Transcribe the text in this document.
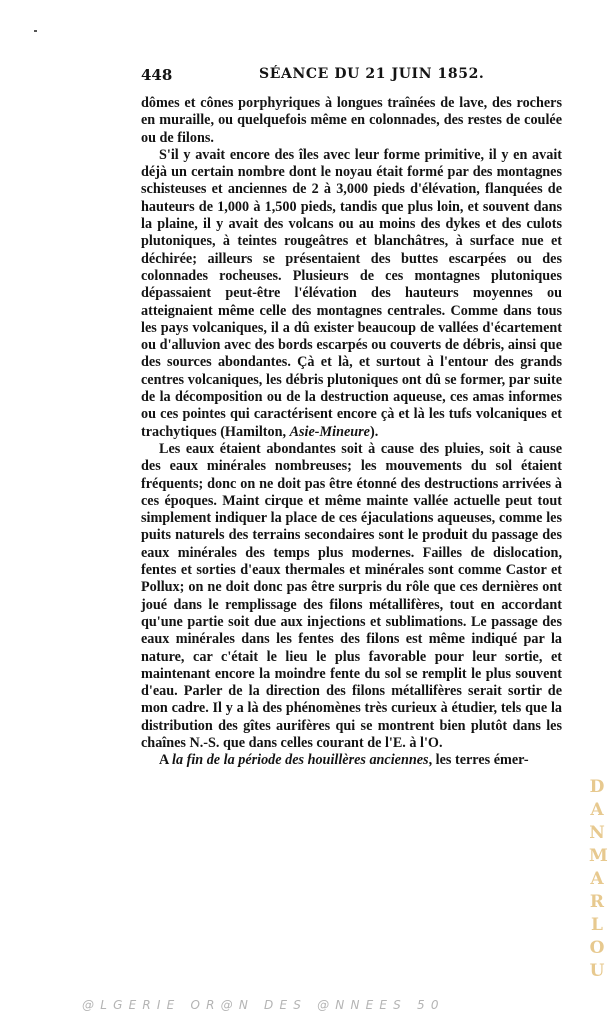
448	SÉANCE DU 21 JUIN 1852.

dômes et cônes porphyriques à longues traînées de lave, des rochers en muraille, ou quelquefois même en colonnades, des restes de coulée ou de filons.

S'il y avait encore des îles avec leur forme primitive, il y en avait déjà un certain nombre dont le noyau était formé par des montagnes schisteuses et anciennes de 2 à 3,000 pieds d'élévation, flanquées de hauteurs de 1,000 à 1,500 pieds, tandis que plus loin, et souvent dans la plaine, il y avait des volcans ou au moins des dykes et des culots plutoniques, à teintes rougeâtres et blanchâtres, à surface nue et déchirée; ailleurs se présentaient des buttes escarpées ou des colonnades rocheuses. Plusieurs de ces montagnes plutoniques dépassaient peut-être l'élévation des hauteurs moyennes ou atteignaient même celle des montagnes centrales. Comme dans tous les pays volcaniques, il a dû exister beaucoup de vallées d'écartement ou d'alluvion avec des bords escarpés ou couverts de débris, ainsi que des sources abondantes. Çà et là, et surtout à l'entour des grands centres volcaniques, les débris plutoniques ont dû se former, par suite de la décomposition ou de la destruction aqueuse, ces amas informes ou ces pointes qui caractérisent encore çà et là les tufs volcaniques et trachytiques (Hamilton, Asie-Mineure).

Les eaux étaient abondantes soit à cause des pluies, soit à cause des eaux minérales nombreuses; les mouvements du sol étaient fréquents; donc on ne doit pas être étonné des destructions arrivées à ces époques. Maint cirque et même mainte vallée actuelle peut tout simplement indiquer la place de ces éjaculations aqueuses, comme les puits naturels des terrains secondaires sont le produit du passage des eaux minérales des temps plus modernes. Failles de dislocation, fentes et sorties d'eaux thermales et minérales sont comme Castor et Pollux; on ne doit donc pas être surpris du rôle que ces dernières ont joué dans le remplissage des filons métallifères, tout en accordant qu'une partie soit due aux injections et sublimations. Le passage des eaux minérales dans les fentes des filons est même indiqué par la nature, car c'était le lieu le plus favorable pour leur sortie, et maintenant encore la moindre fente du sol se remplit le plus souvent d'eau. Parler de la direction des filons métallifères serait sortir de mon cadre. Il y a là des phénomènes très curieux à étudier, tels que la distribution des gîtes aurifères qui se montrent bien plutôt dans les chaînes N.-S. que dans celles courant de l'E. à l'O.

A la fin de la période des houillères anciennes, les terres émer-

D
A
N
M
A
R
L
O
U
@LGERIE OR@N DES @NNEES 50
